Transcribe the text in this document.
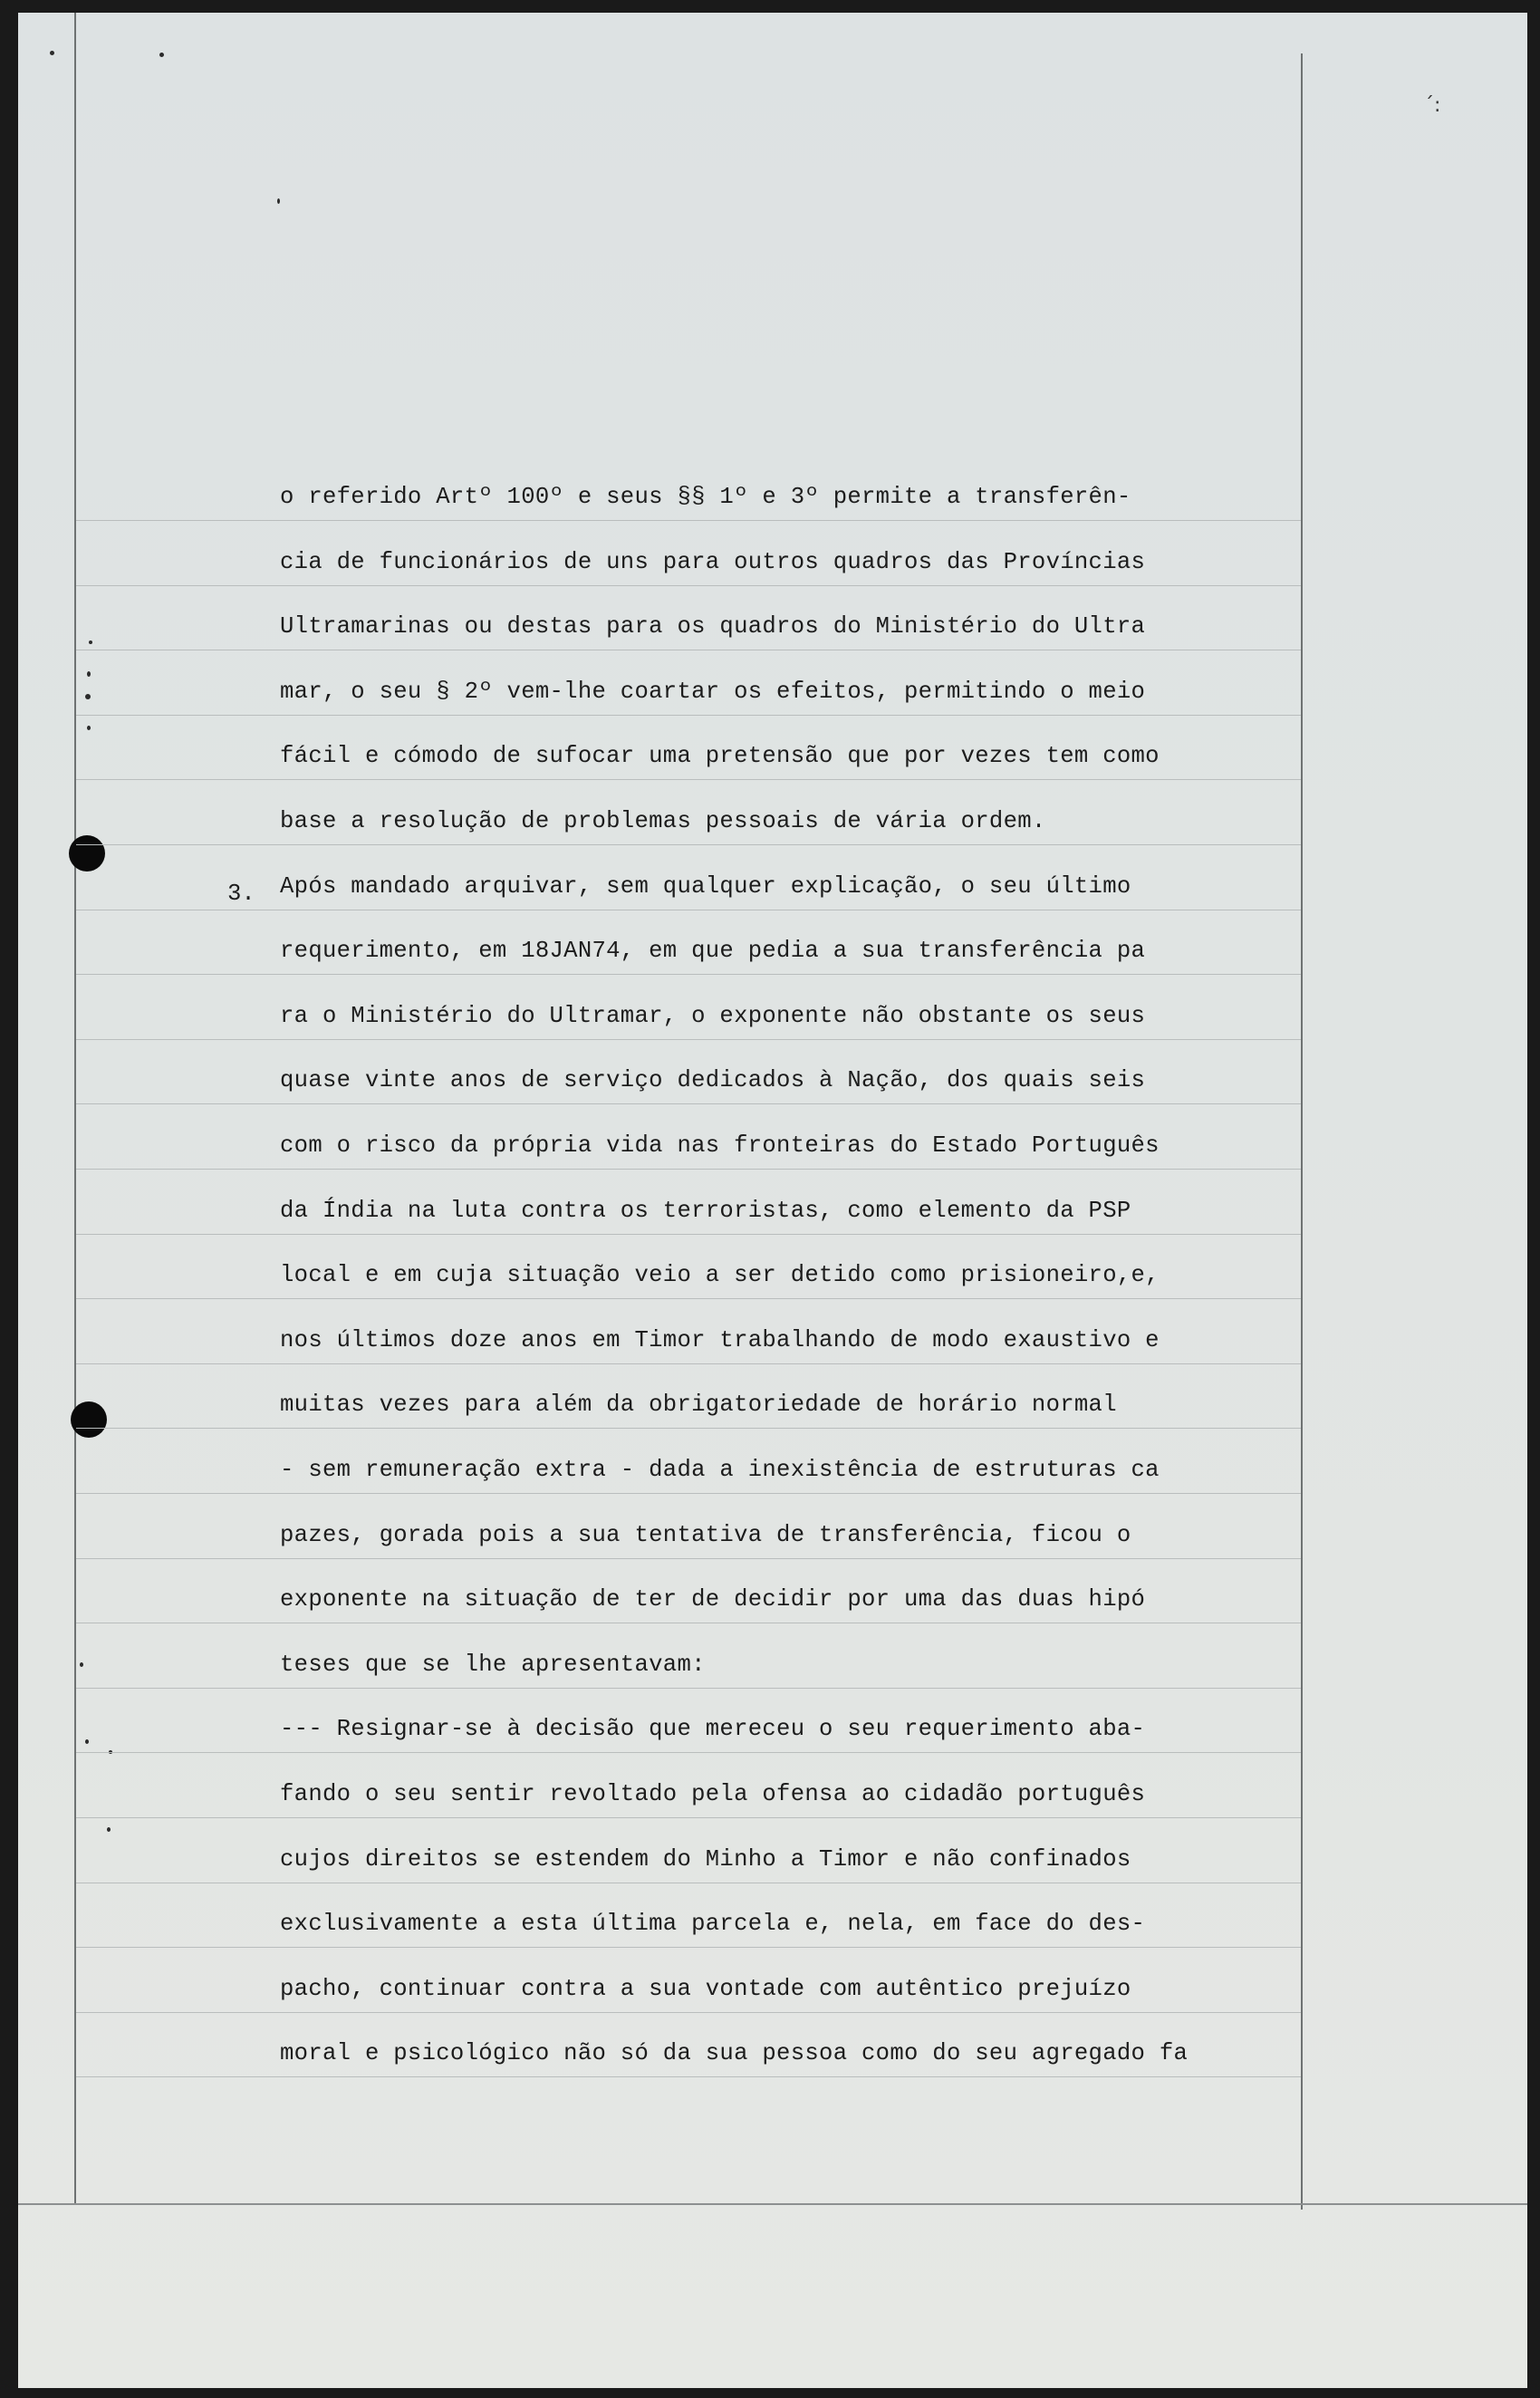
´:
3.
o referido Artº 100º e seus §§ 1º e 3º permite a transferên-
cia de funcionários de uns para outros quadros das Províncias
Ultramarinas ou destas para os quadros do Ministério do Ultra
mar, o seu § 2º vem-lhe coartar os efeitos, permitindo o meio
fácil e cómodo de sufocar uma pretensão que por vezes tem como
base a resolução de problemas pessoais de vária ordem.
Após mandado arquivar, sem qualquer explicação, o seu último
requerimento, em 18JAN74, em que pedia a sua transferência pa
ra o Ministério do Ultramar, o exponente não obstante os seus
quase vinte anos de serviço dedicados à Nação, dos quais seis
com o risco da própria vida nas fronteiras do Estado Português
da Índia na luta contra os terroristas, como elemento da PSP
local e em cuja situação veio a ser detido como prisioneiro,e,
nos últimos doze anos em Timor trabalhando de modo exaustivo e
muitas vezes para além da obrigatoriedade de horário normal
- sem remuneração extra - dada a inexistência de estruturas ca
pazes, gorada pois a sua tentativa de transferência, ficou o
exponente na situação de ter de decidir por uma das duas hipó
teses que se lhe apresentavam:
--- Resignar-se à decisão que mereceu o seu requerimento aba-
fando o seu sentir revoltado pela ofensa ao cidadão português
cujos direitos se estendem do Minho a Timor e não confinados
exclusivamente a esta última parcela e, nela, em face do des-
pacho, continuar contra a sua vontade com autêntico prejuízo
moral e psicológico não só da sua pessoa como do seu agregado fa
